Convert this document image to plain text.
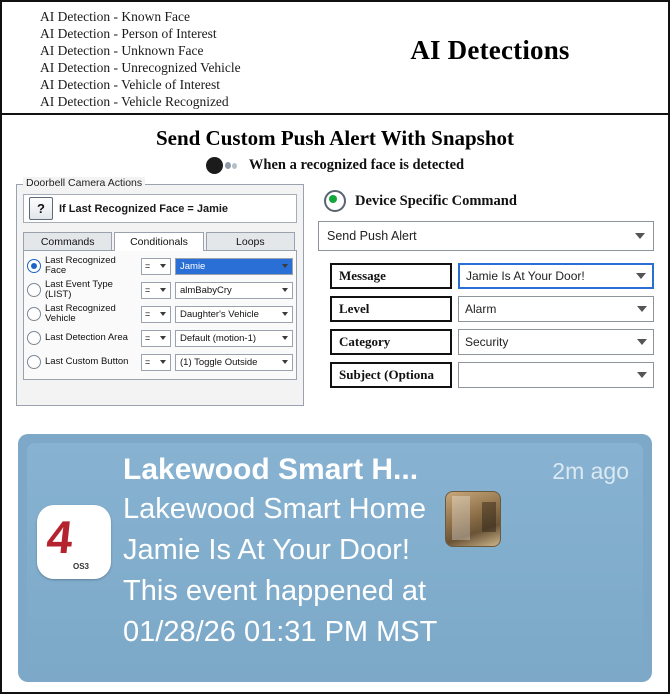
AI Detection - Known Face
AI Detection - Person of Interest
AI Detection - Unknown Face
AI Detection - Unrecognized Vehicle
AI Detection - Vehicle of Interest
AI Detection - Vehicle Recognized
AI Detections
Send Custom Push Alert With Snapshot
When a recognized face is detected
Doorbell Camera Actions
?	If Last Recognized Face = Jamie
Commands	Conditionals	Loops
Last Recognized Face	=	Jamie
Last Event Type (LIST)	=	almBabyCry
Last Recognized Vehicle	=	Daughter's Vehicle
Last Detection Area	=	Default (motion-1)
Last Custom Button	=	(1) Toggle Outside
Device Specific Command
Send Push Alert
Message	Jamie Is At Your Door!
Level	Alarm
Category	Security
Subject (Optiona
4
OS3
Lakewood Smart H...	2m ago
Lakewood Smart Home
Jamie Is At Your Door!
This event happened at
01/28/26 01:31 PM MST
